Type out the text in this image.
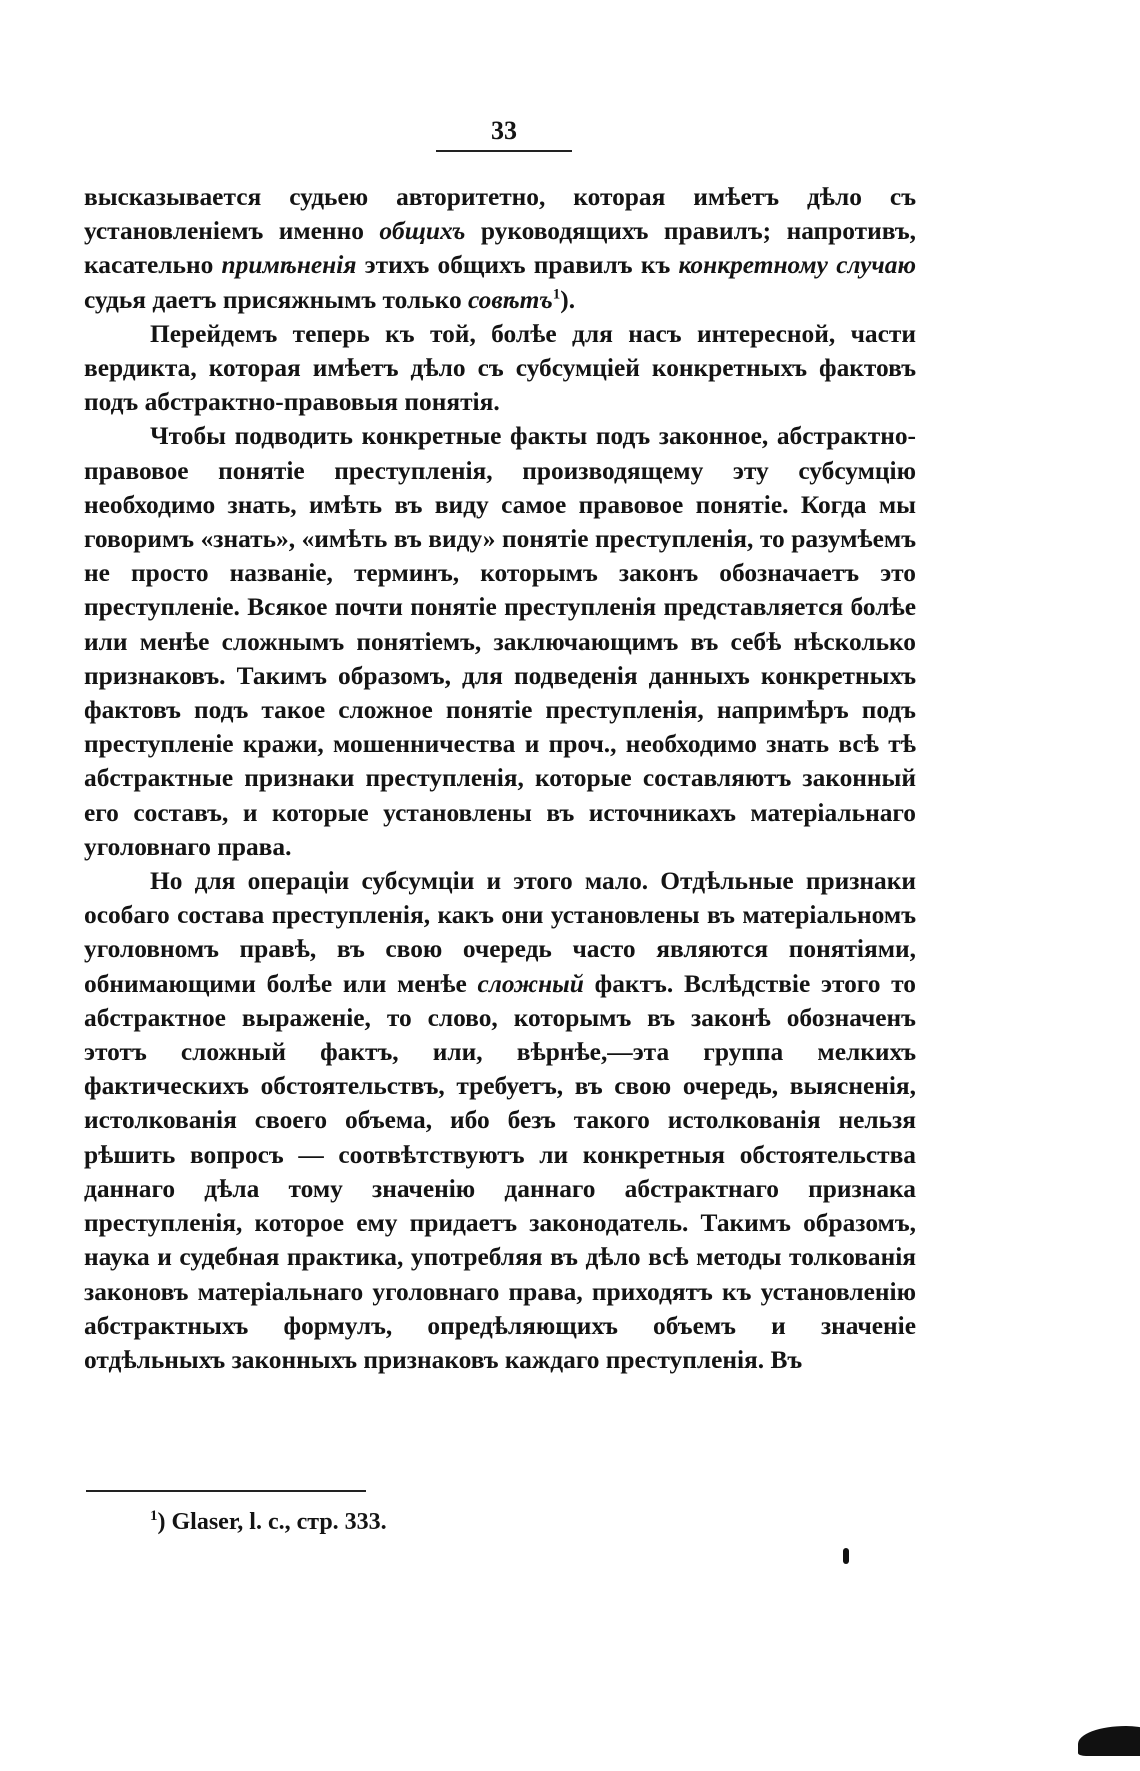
33

высказывается судьею авторитетно, которая имѣетъ дѣло съ установленіемъ именно общихъ руководящихъ правилъ; напротивъ, касательно примѣненія этихъ общихъ правилъ къ конкретному случаю судья даетъ присяжнымъ только совѣтъ$^1$).

Перейдемъ теперь къ той, болѣе для насъ интересной, части вердикта, которая имѣетъ дѣло съ субсумціей конкретныхъ фактовъ подъ абстрактно-правовыя понятія.

Чтобы подводить конкретные факты подъ законное, абстрактно-правовое понятіе преступленія, производящему эту субсумцію необходимо знать, имѣть въ виду самое правовое понятіе. Когда мы говоримъ «знать», «имѣть въ виду» понятіе преступленія, то разумѣемъ не просто названіе, терминъ, которымъ законъ обозначаетъ это преступленіе. Всякое почти понятіе преступленія представляется болѣе или менѣе сложнымъ понятіемъ, заключающимъ въ себѣ нѣсколько признаковъ. Такимъ образомъ, для подведенія данныхъ конкретныхъ фактовъ подъ такое сложное понятіе преступленія, напримѣръ подъ преступленіе кражи, мошенничества и проч., необходимо знать всѣ тѣ абстрактные признаки преступленія, которые составляютъ законный его составъ, и которые установлены въ источникахъ матеріальнаго уголовнаго права.

Но для операціи субсумціи и этого мало. Отдѣльные признаки особаго состава преступленія, какъ они установлены въ матеріальномъ уголовномъ правѣ, въ свою очередь часто являются понятіями, обнимающими болѣе или менѣе сложный фактъ. Вслѣдствіе этого то абстрактное выраженіе, то слово, которымъ въ законѣ обозначенъ этотъ сложный фактъ, или, вѣрнѣе,—эта группа мелкихъ фактическихъ обстоятельствъ, требуетъ, въ свою очередь, выясненія, истолкованія своего объема, ибо безъ такого истолкованія нельзя рѣшить вопросъ — соотвѣтствуютъ ли конкретныя обстоятельства даннаго дѣла тому значенію даннаго абстрактнаго признака преступленія, которое ему придаетъ законодатель. Такимъ образомъ, наука и судебная практика, употребляя въ дѣло всѣ методы толкованія законовъ матеріальнаго уголовнаго права, приходятъ къ установленію абстрактныхъ формулъ, опредѣляющихъ объемъ и значеніе отдѣльныхъ законныхъ признаковъ каждаго преступленія. Въ

$^1$) Glaser, l. c., стр. 333.
